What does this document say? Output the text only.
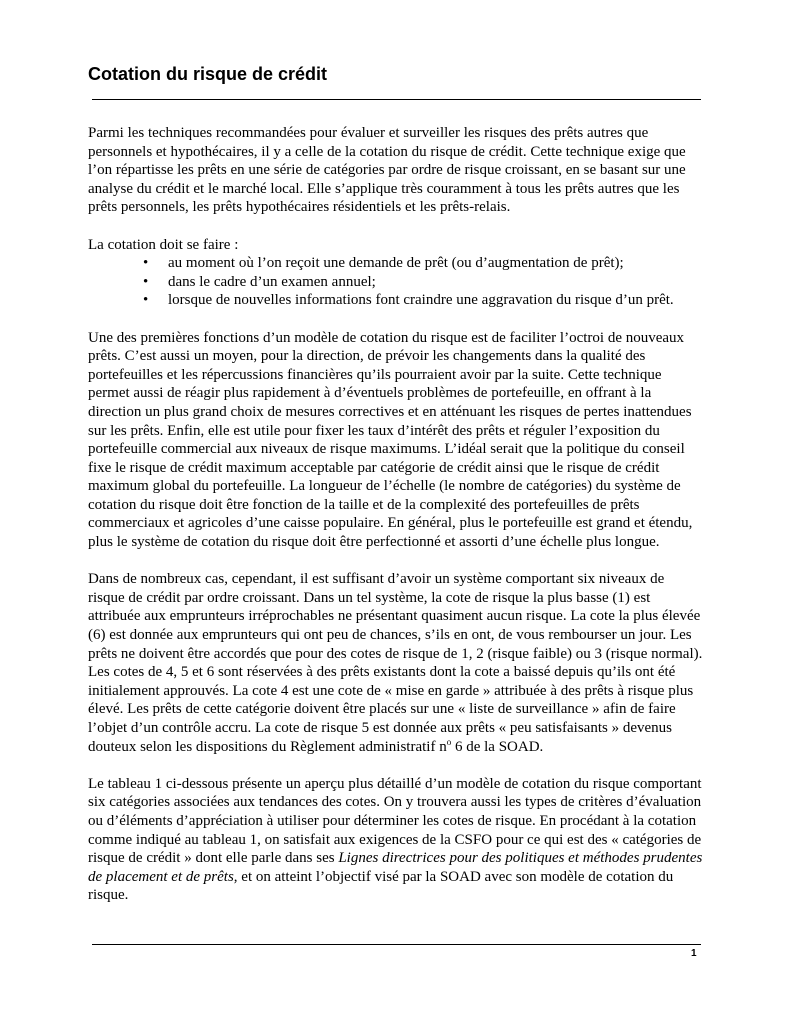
Cotation du risque de crédit

Parmi les techniques recommandées pour évaluer et surveiller les risques des prêts autres que personnels et hypothécaires, il y a celle de la cotation du risque de crédit. Cette technique exige que l’on répartisse les prêts en une série de catégories par ordre de risque croissant, en se basant sur une analyse du crédit et le marché local. Elle s’applique très couramment à tous les prêts autres que les prêts personnels, les prêts hypothécaires résidentiels et les prêts-relais.

La cotation doit se faire :
• au moment où l’on reçoit une demande de prêt (ou d’augmentation de prêt);
• dans le cadre d’un examen annuel;
• lorsque de nouvelles informations font craindre une aggravation du risque d’un prêt.

Une des premières fonctions d’un modèle de cotation du risque est de faciliter l’octroi de nouveaux prêts. C’est aussi un moyen, pour la direction, de prévoir les changements dans la qualité des portefeuilles et les répercussions financières qu’ils pourraient avoir par la suite. Cette technique permet aussi de réagir plus rapidement à d’éventuels problèmes de portefeuille, en offrant à la direction un plus grand choix de mesures correctives et en atténuant les risques de pertes inattendues sur les prêts. Enfin, elle est utile pour fixer les taux d’intérêt des prêts et réguler l’exposition du portefeuille commercial aux niveaux de risque maximums. L’idéal serait que la politique du conseil fixe le risque de crédit maximum acceptable par catégorie de crédit ainsi que le risque de crédit maximum global du portefeuille. La longueur de l’échelle (le nombre de catégories) du système de cotation du risque doit être fonction de la taille et de la complexité des portefeuilles de prêts commerciaux et agricoles d’une caisse populaire. En général, plus le portefeuille est grand et étendu, plus le système de cotation du risque doit être perfectionné et assorti d’une échelle plus longue.

Dans de nombreux cas, cependant, il est suffisant d’avoir un système comportant six niveaux de risque de crédit par ordre croissant. Dans un tel système, la cote de risque la plus basse (1) est attribuée aux emprunteurs irréprochables ne présentant quasiment aucun risque. La cote la plus élevée (6) est donnée aux emprunteurs qui ont peu de chances, s’ils en ont, de vous rembourser un jour. Les prêts ne doivent être accordés que pour des cotes de risque de 1, 2 (risque faible) ou 3 (risque normal). Les cotes de 4, 5 et 6 sont réservées à des prêts existants dont la cote a baissé depuis qu’ils ont été initialement approuvés. La cote 4 est une cote de « mise en garde » attribuée à des prêts à risque plus élevé. Les prêts de cette catégorie doivent être placés sur une « liste de surveillance » afin de faire l’objet d’un contrôle accru. La cote de risque 5 est donnée aux prêts « peu satisfaisants » devenus douteux selon les dispositions du Règlement administratif $n^o$ 6 de la SOAD.

Le tableau 1 ci-dessous présente un aperçu plus détaillé d’un modèle de cotation du risque comportant six catégories associées aux tendances des cotes. On y trouvera aussi les types de critères d’évaluation ou d’éléments d’appréciation à utiliser pour déterminer les cotes de risque. En procédant à la cotation comme indiqué au tableau 1, on satisfait aux exigences de la CSFO pour ce qui est des « catégories de risque de crédit » dont elle parle dans ses Lignes directrices pour des politiques et méthodes prudentes de placement et de prêts, et on atteint l’objectif visé par la SOAD avec son modèle de cotation du risque.

1
